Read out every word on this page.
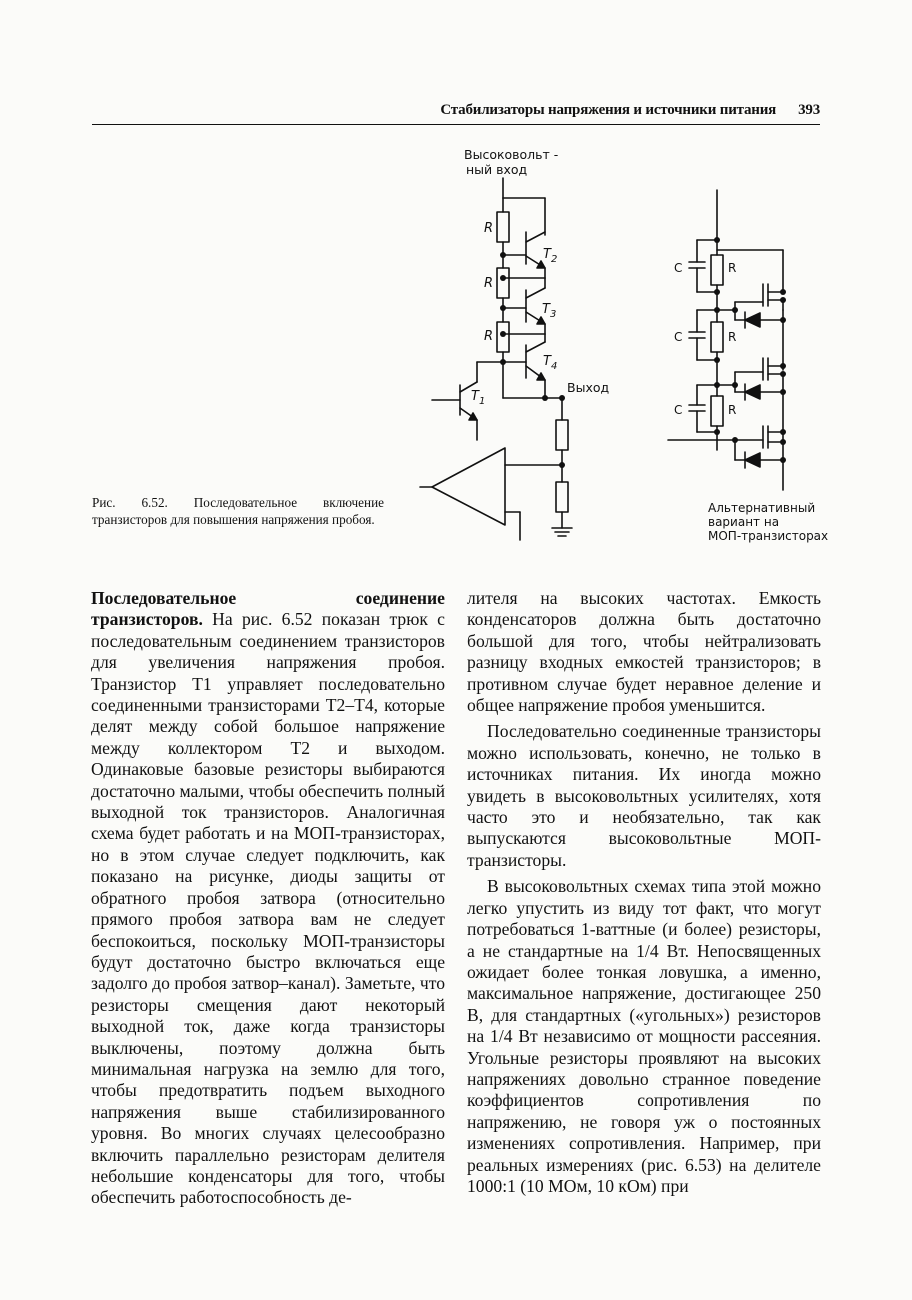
Стабилизаторы напряжения и источники питания 393
Высоковольт -
ный вход
R
R
R
$T_2$
$T_3$
$T_4$
$T_1$
Выход
C
C
C
R
R
R
Альтернативный
вариант на
МОП-транзисторах
Рис. 6.52. Последовательное включение транзисторов для повышения напряжения пробоя.

Последовательное соединение транзисторов. На рис. 6.52 показан трюк с последовательным соединением транзисторов для увеличения напряжения пробоя. Транзистор T1 управляет последовательно соединенными транзисторами T2–T4, которые делят между собой большое напряжение между коллектором T2 и выходом. Одинаковые базовые резисторы выбираются достаточно малыми, чтобы обеспечить полный выходной ток транзисторов. Аналогичная схема будет работать и на МОП-транзисторах, но в этом случае следует подключить, как показано на рисунке, диоды защиты от обратного пробоя затвора (относительно прямого пробоя затвора вам не следует беспокоиться, поскольку МОП-транзисторы будут достаточно быстро включаться еще задолго до пробоя затвор–канал). Заметьте, что резисторы смещения дают некоторый выходной ток, даже когда транзисторы выключены, поэтому должна быть минимальная нагрузка на землю для того, чтобы предотвратить подъем выходного напряжения выше стабилизированного уровня. Во многих случаях целесообразно включить параллельно резисторам делителя небольшие конденсаторы для того, чтобы обеспечить работоспособность де-

лителя на высоких частотах. Емкость конденсаторов должна быть достаточно большой для того, чтобы нейтрализовать разницу входных емкостей транзисторов; в противном случае будет неравное деление и общее напряжение пробоя уменьшится.

Последовательно соединенные транзисторы можно использовать, конечно, не только в источниках питания. Их иногда можно увидеть в высоковольтных усилителях, хотя часто это и необязательно, так как выпускаются высоковольтные МОП-транзисторы.

В высоковольтных схемах типа этой можно легко упустить из виду тот факт, что могут потребоваться 1-ваттные (и более) резисторы, а не стандартные на 1/4 Вт. Непосвященных ожидает более тонкая ловушка, а именно, максимальное напряжение, достигающее 250 В, для стандартных («угольных») резисторов на 1/4 Вт независимо от мощности рассеяния. Угольные резисторы проявляют на высоких напряжениях довольно странное поведение коэффициентов сопротивления по напряжению, не говоря уж о постоянных изменениях сопротивления. Например, при реальных измерениях (рис. 6.53) на делителе 1000:1 (10 МОм, 10 кОм) при
